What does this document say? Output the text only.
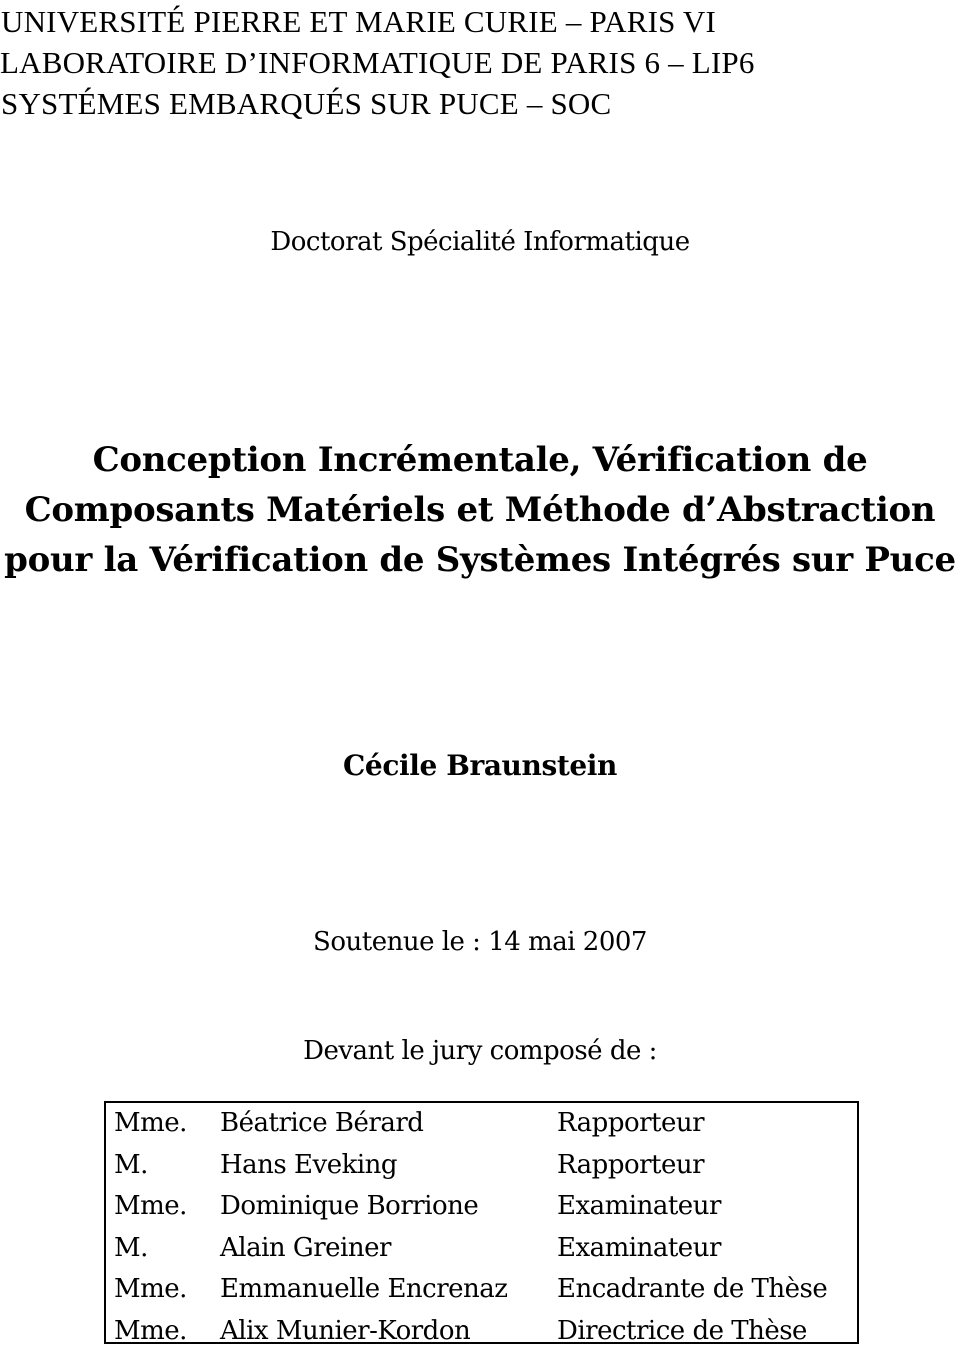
UNIVERSITÉ PIERRE ET MARIE CURIE – PARIS VI
LABORATOIRE D’INFORMATIQUE DE PARIS 6 – LIP6
SYSTÉMES EMBARQUÉS SUR PUCE – SOC
Doctorat Spécialité Informatique
Conception Incrémentale, Vérification de
Composants Matériels et Méthode d’Abstraction
pour la Vérification de Systèmes Intégrés sur Puce
Cécile Braunstein
Soutenue le : 14 mai 2007
Devant le jury composé de :
Mme.	Béatrice Bérard	Rapporteur
M.	Hans Eveking	Rapporteur
Mme.	Dominique Borrione	Examinateur
M.	Alain Greiner	Examinateur
Mme.	Emmanuelle Encrenaz	Encadrante de Thèse
Mme.	Alix Munier-Kordon	Directrice de Thèse
